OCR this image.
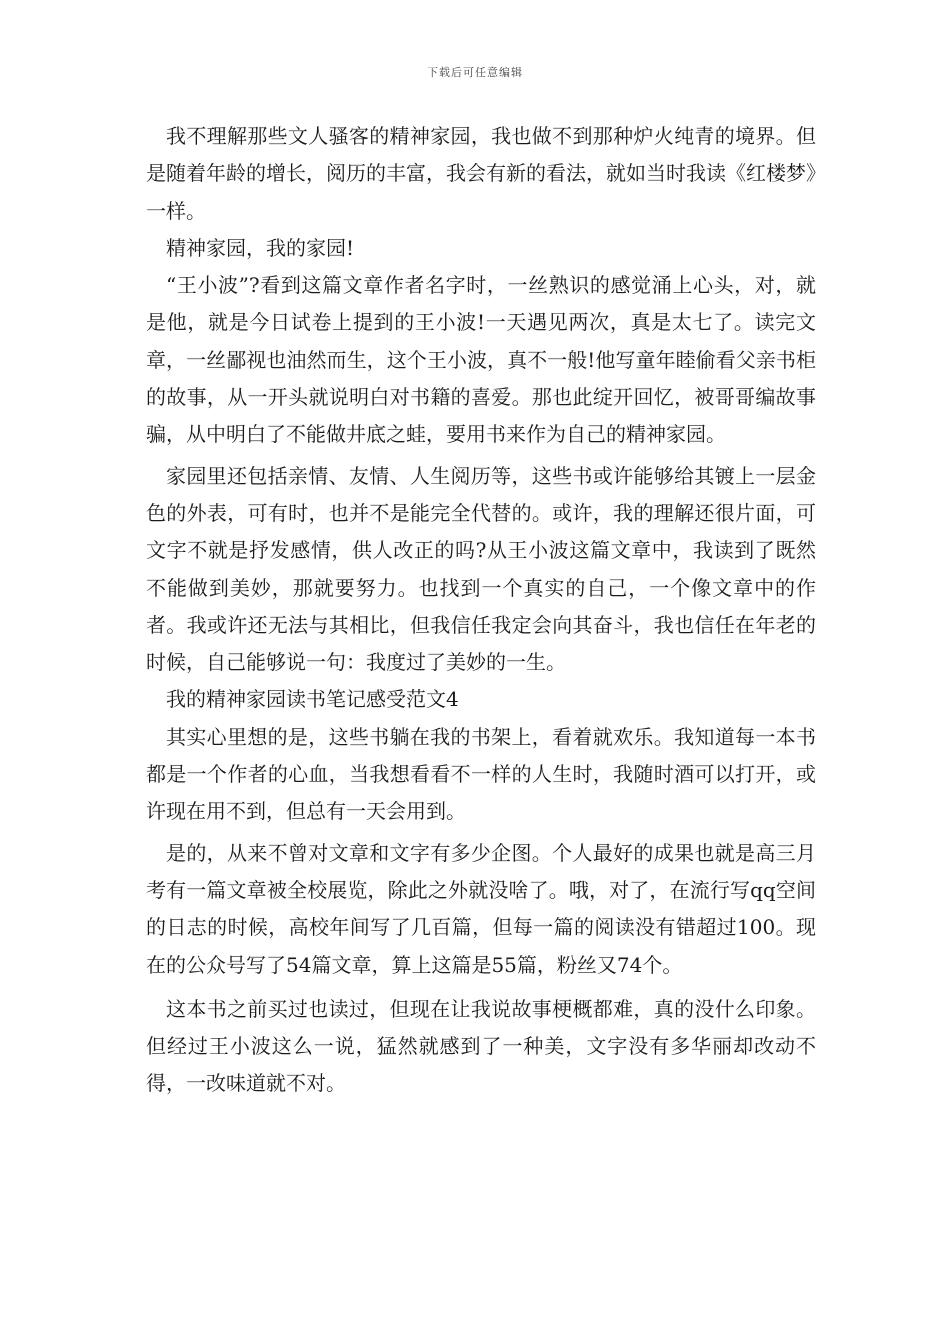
下载后可任意编辑

我不理解那些文人骚客的精神家园，我也做不到那种炉火纯青的境界。但是随着年龄的增长，阅历的丰富，我会有新的看法，就如当时我读《红楼梦》一样。

精神家园，我的家园!

“王小波”?看到这篇文章作者名字时，一丝熟识的感觉涌上心头，对，就是他，就是今日试卷上提到的王小波!一天遇见两次，真是太七了。读完文章，一丝鄙视也油然而生，这个王小波，真不一般!他写童年睦偷看父亲书柜的故事，从一开头就说明白对书籍的喜爱。那也此绽开回忆，被哥哥编故事骗，从中明白了不能做井底之蛙，要用书来作为自己的精神家园。

家园里还包括亲情、友情、人生阅历等，这些书或许能够给其镀上一层金色的外表，可有时，也并不是能完全代替的。或许，我的理解还很片面，可文字不就是抒发感情，供人改正的吗?从王小波这篇文章中，我读到了既然不能做到美妙，那就要努力。也找到一个真实的自己，一个像文章中的作者。我或许还无法与其相比，但我信任我定会向其奋斗，我也信任在年老的时候，自己能够说一句：我度过了美妙的一生。

我的精神家园读书笔记感受范文4

其实心里想的是，这些书躺在我的书架上，看着就欢乐。我知道每一本书都是一个作者的心血，当我想看看不一样的人生时，我随时酒可以打开，或许现在用不到，但总有一天会用到。

是的，从来不曾对文章和文字有多少企图。个人最好的成果也就是高三月考有一篇文章被全校展览，除此之外就没啥了。哦，对了，在流行写qq空间的日志的时候，高校年间写了几百篇，但每一篇的阅读没有错超过100。现在的公众号写了54篇文章，算上这篇是55篇，粉丝又74个。

这本书之前买过也读过，但现在让我说故事梗概都难，真的没什么印象。但经过王小波这么一说，猛然就感到了一种美，文字没有多华丽却改动不得，一改味道就不对。
